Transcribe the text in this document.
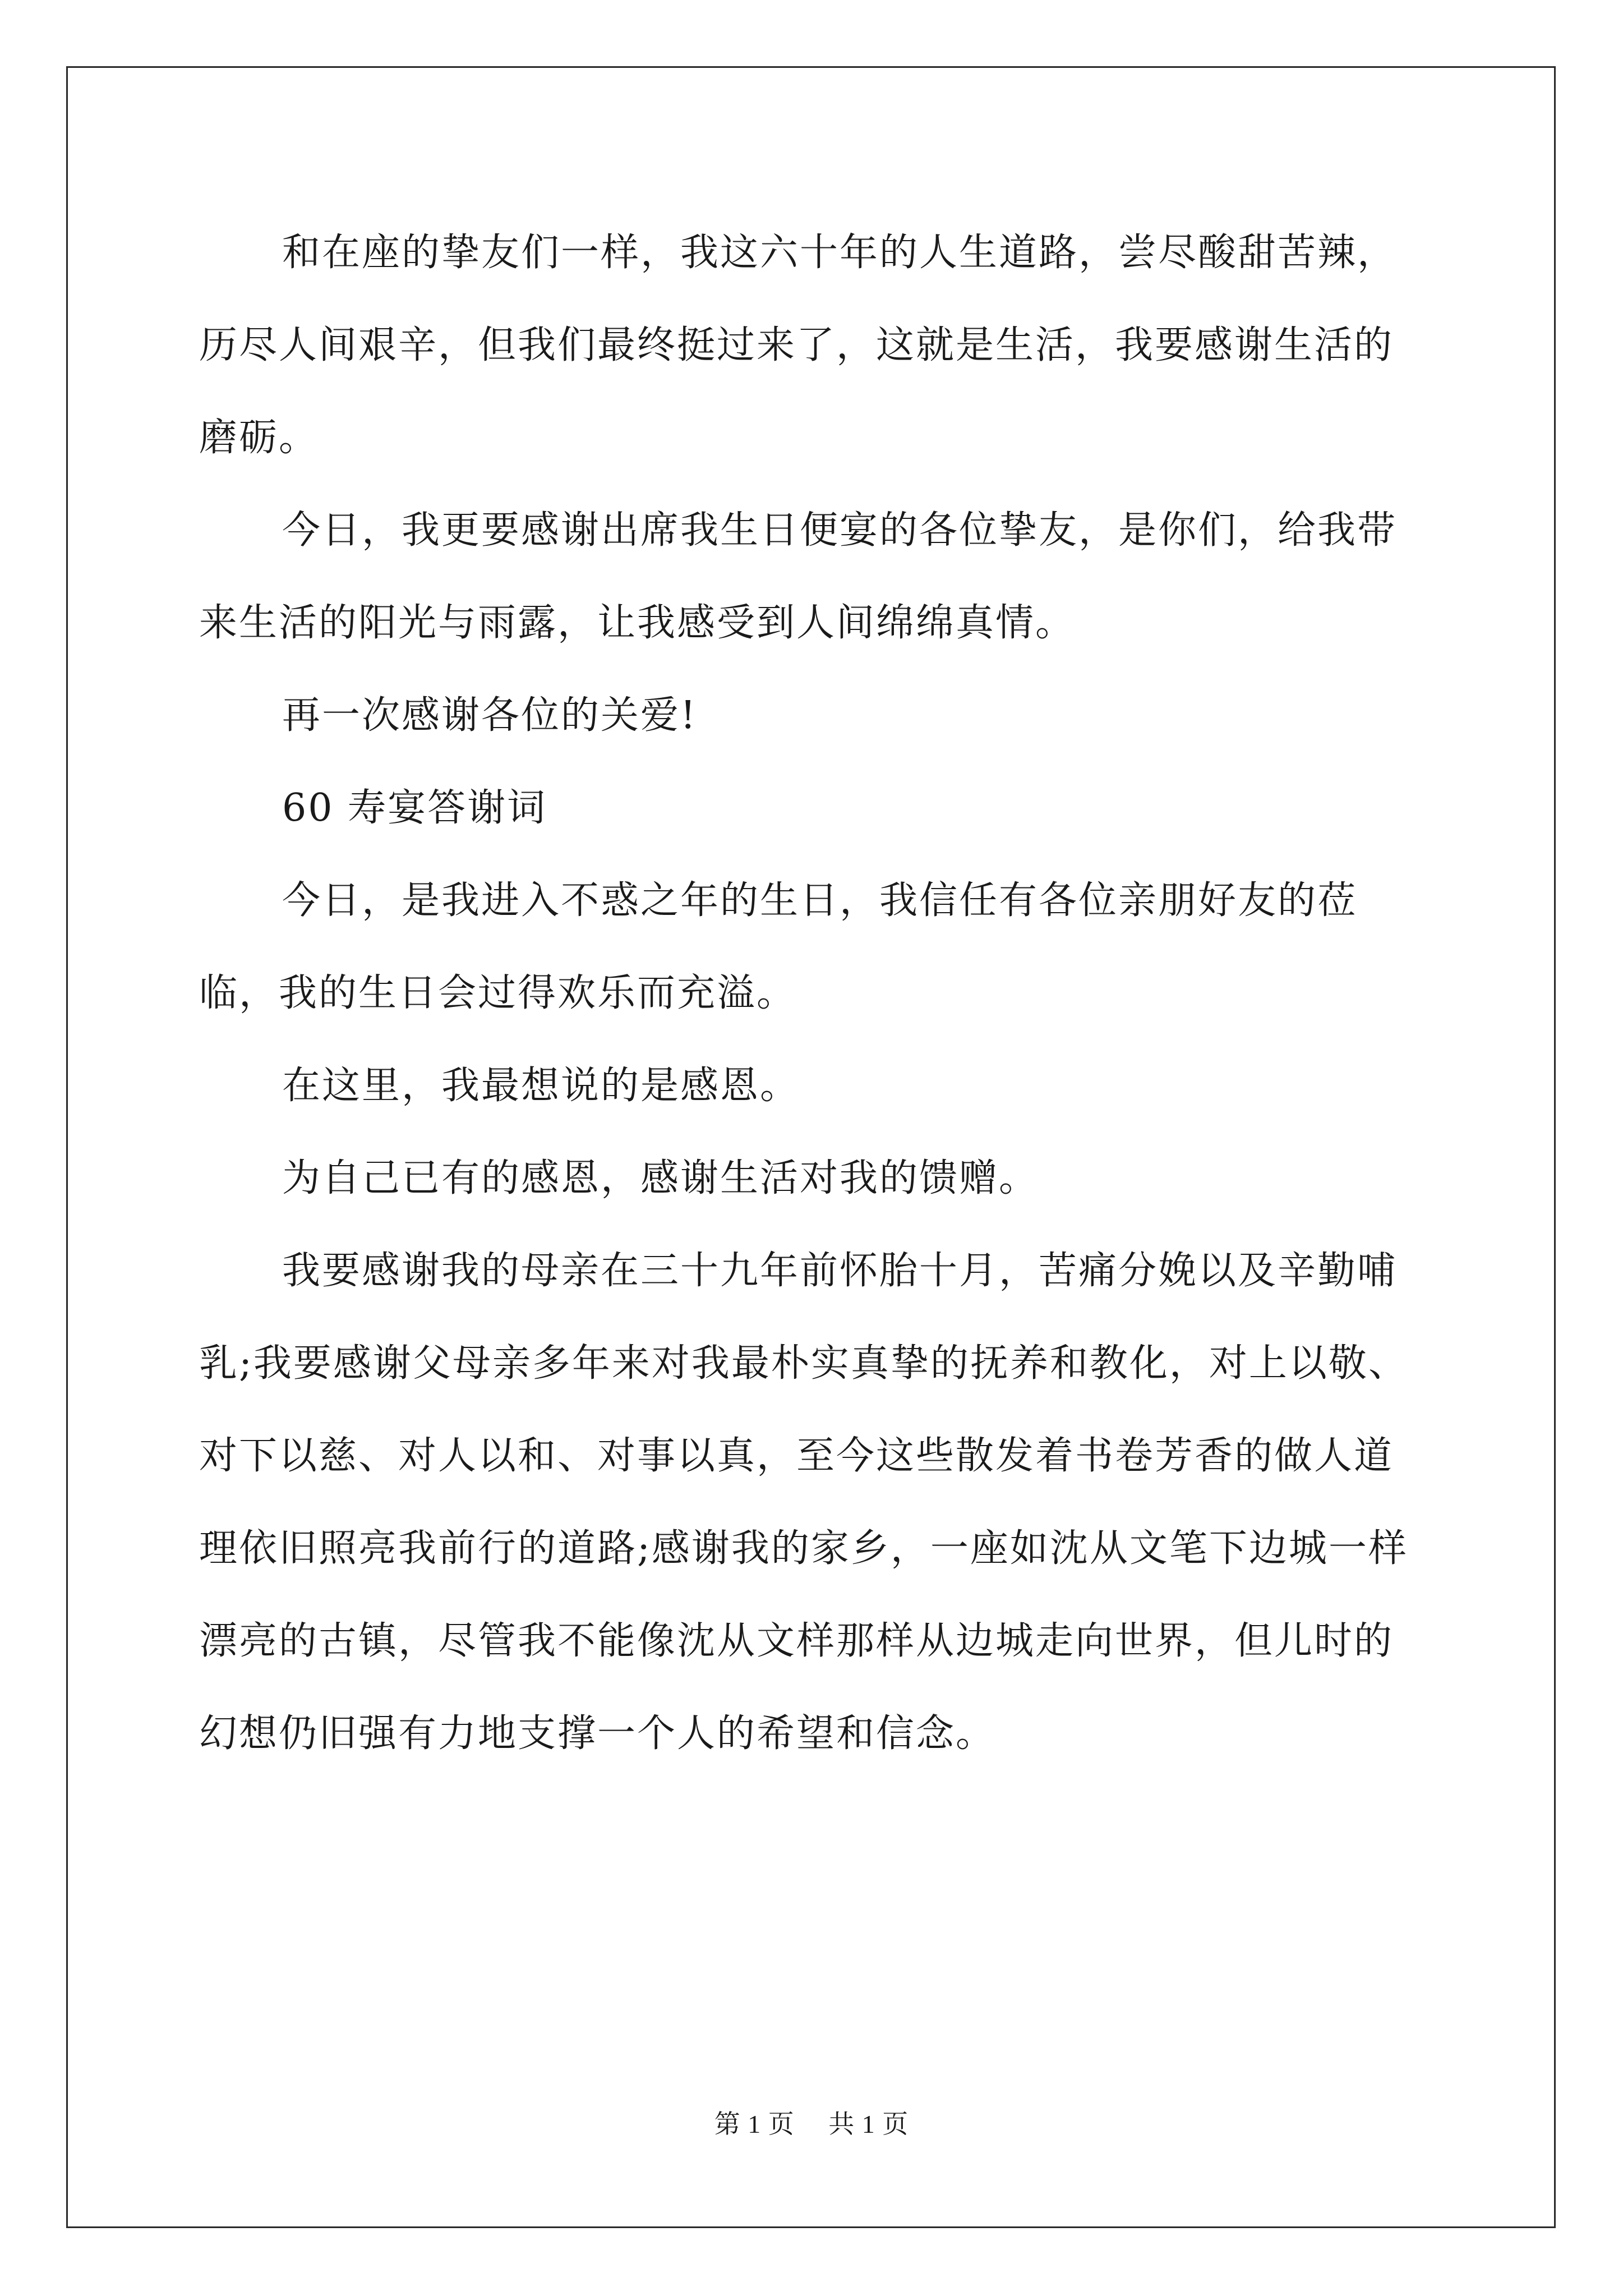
和在座的挚友们一样，我这六十年的人生道路，尝尽酸甜苦辣，历尽人间艰辛，但我们最终挺过来了，这就是生活，我要感谢生活的磨砺。

今日，我更要感谢出席我生日便宴的各位挚友，是你们，给我带来生活的阳光与雨露，让我感受到人间绵绵真情。

再一次感谢各位的关爱!

60 寿宴答谢词

今日，是我进入不惑之年的生日，我信任有各位亲朋好友的莅临，我的生日会过得欢乐而充溢。

在这里，我最想说的是感恩。

为自己已有的感恩，感谢生活对我的馈赠。

我要感谢我的母亲在三十九年前怀胎十月，苦痛分娩以及辛勤哺乳;我要感谢父母亲多年来对我最朴实真挚的抚养和教化，对上以敬、对下以慈、对人以和、对事以真，至今这些散发着书卷芳香的做人道理依旧照亮我前行的道路;感谢我的家乡，一座如沈从文笔下边城一样漂亮的古镇，尽管我不能像沈从文样那样从边城走向世界，但儿时的幻想仍旧强有力地支撑一个人的希望和信念。

第 1 页 共 1 页
